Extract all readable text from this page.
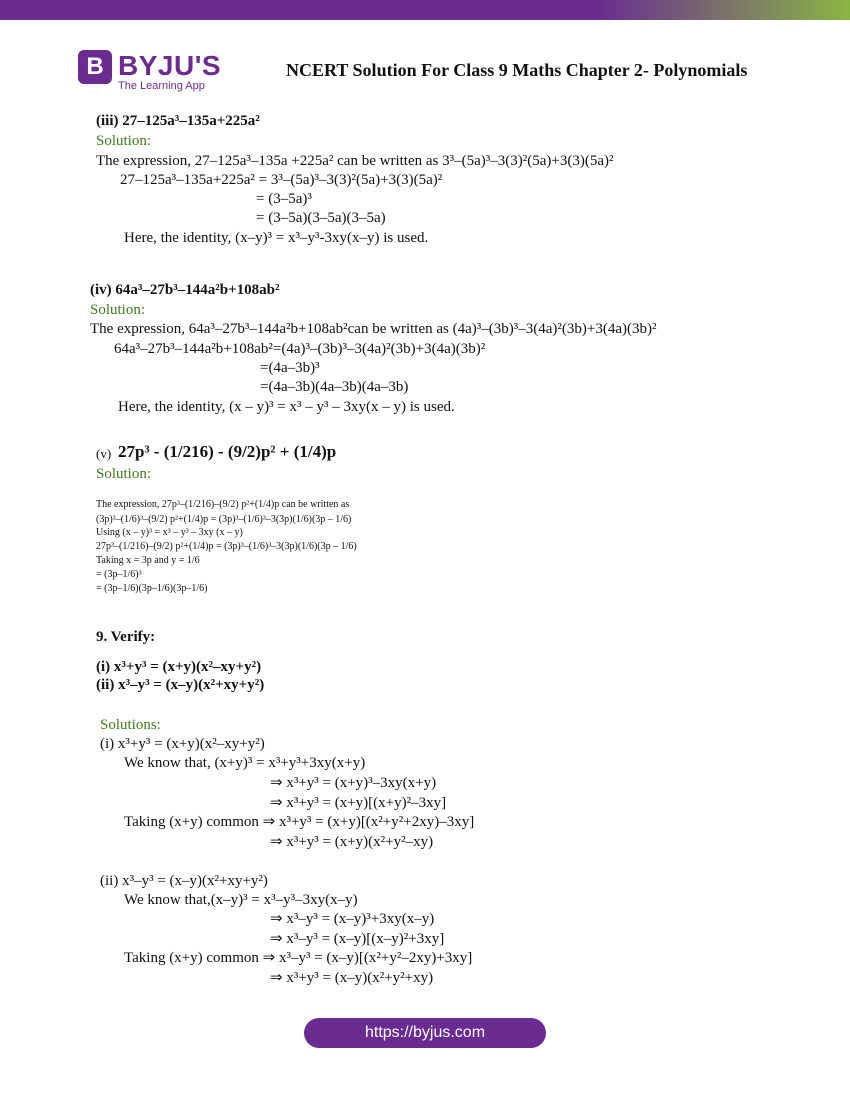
B BYJU'S
The Learning App
NCERT Solution For Class 9 Maths Chapter 2- Polynomials
(iii) 27–125a³–135a+225a²
Solution:
The expression, 27–125a³–135a +225a² can be written as 3³–(5a)³–3(3)²(5a)+3(3)(5a)²
27–125a³–135a+225a² = 3³–(5a)³–3(3)²(5a)+3(3)(5a)²
= (3–5a)³
= (3–5a)(3–5a)(3–5a)
Here, the identity, (x–y)³ = x³–y³-3xy(x–y) is used.
(iv) 64a³–27b³–144a²b+108ab²
Solution:
The expression, 64a³–27b³–144a²b+108ab²can be written as (4a)³–(3b)³–3(4a)²(3b)+3(4a)(3b)²
64a³–27b³–144a²b+108ab²=(4a)³–(3b)³–3(4a)²(3b)+3(4a)(3b)²
=(4a–3b)³
=(4a–3b)(4a–3b)(4a–3b)
Here, the identity, (x – y)³ = x³ – y³ – 3xy(x – y) is used.
(v) 27p³ - (1/216) - (9/2)p² + (1/4)p
Solution:
The expression, 27p³–(1/216)–(9/2) p²+(1/4)p can be written as
(3p)³–(1/6)³–(9/2) p²+(1/4)p = (3p)³–(1/6)³–3(3p)(1/6)(3p – 1/6)
Using (x – y)³ = x³ – y³ – 3xy (x – y)
27p³–(1/216)–(9/2) p²+(1/4)p = (3p)³–(1/6)³–3(3p)(1/6)(3p – 1/6)
Taking x = 3p and y = 1/6
= (3p–1/6)³
= (3p–1/6)(3p–1/6)(3p–1/6)
9. Verify:
(i) x³+y³ = (x+y)(x²–xy+y²)
(ii) x³–y³ = (x–y)(x²+xy+y²)
Solutions:
(i) x³+y³ = (x+y)(x²–xy+y²)
We know that, (x+y)³ = x³+y³+3xy(x+y)
⇒ x³+y³ = (x+y)³–3xy(x+y)
⇒ x³+y³ = (x+y)[(x+y)²–3xy]
Taking (x+y) common ⇒ x³+y³ = (x+y)[(x²+y²+2xy)–3xy]
⇒ x³+y³ = (x+y)(x²+y²–xy)
(ii) x³–y³ = (x–y)(x²+xy+y²)
We know that,(x–y)³ = x³–y³–3xy(x–y)
⇒ x³–y³ = (x–y)³+3xy(x–y)
⇒ x³–y³ = (x–y)[(x–y)²+3xy]
Taking (x+y) common ⇒ x³–y³ = (x–y)[(x²+y²–2xy)+3xy]
⇒ x³+y³ = (x–y)(x²+y²+xy)
https://byjus.com
